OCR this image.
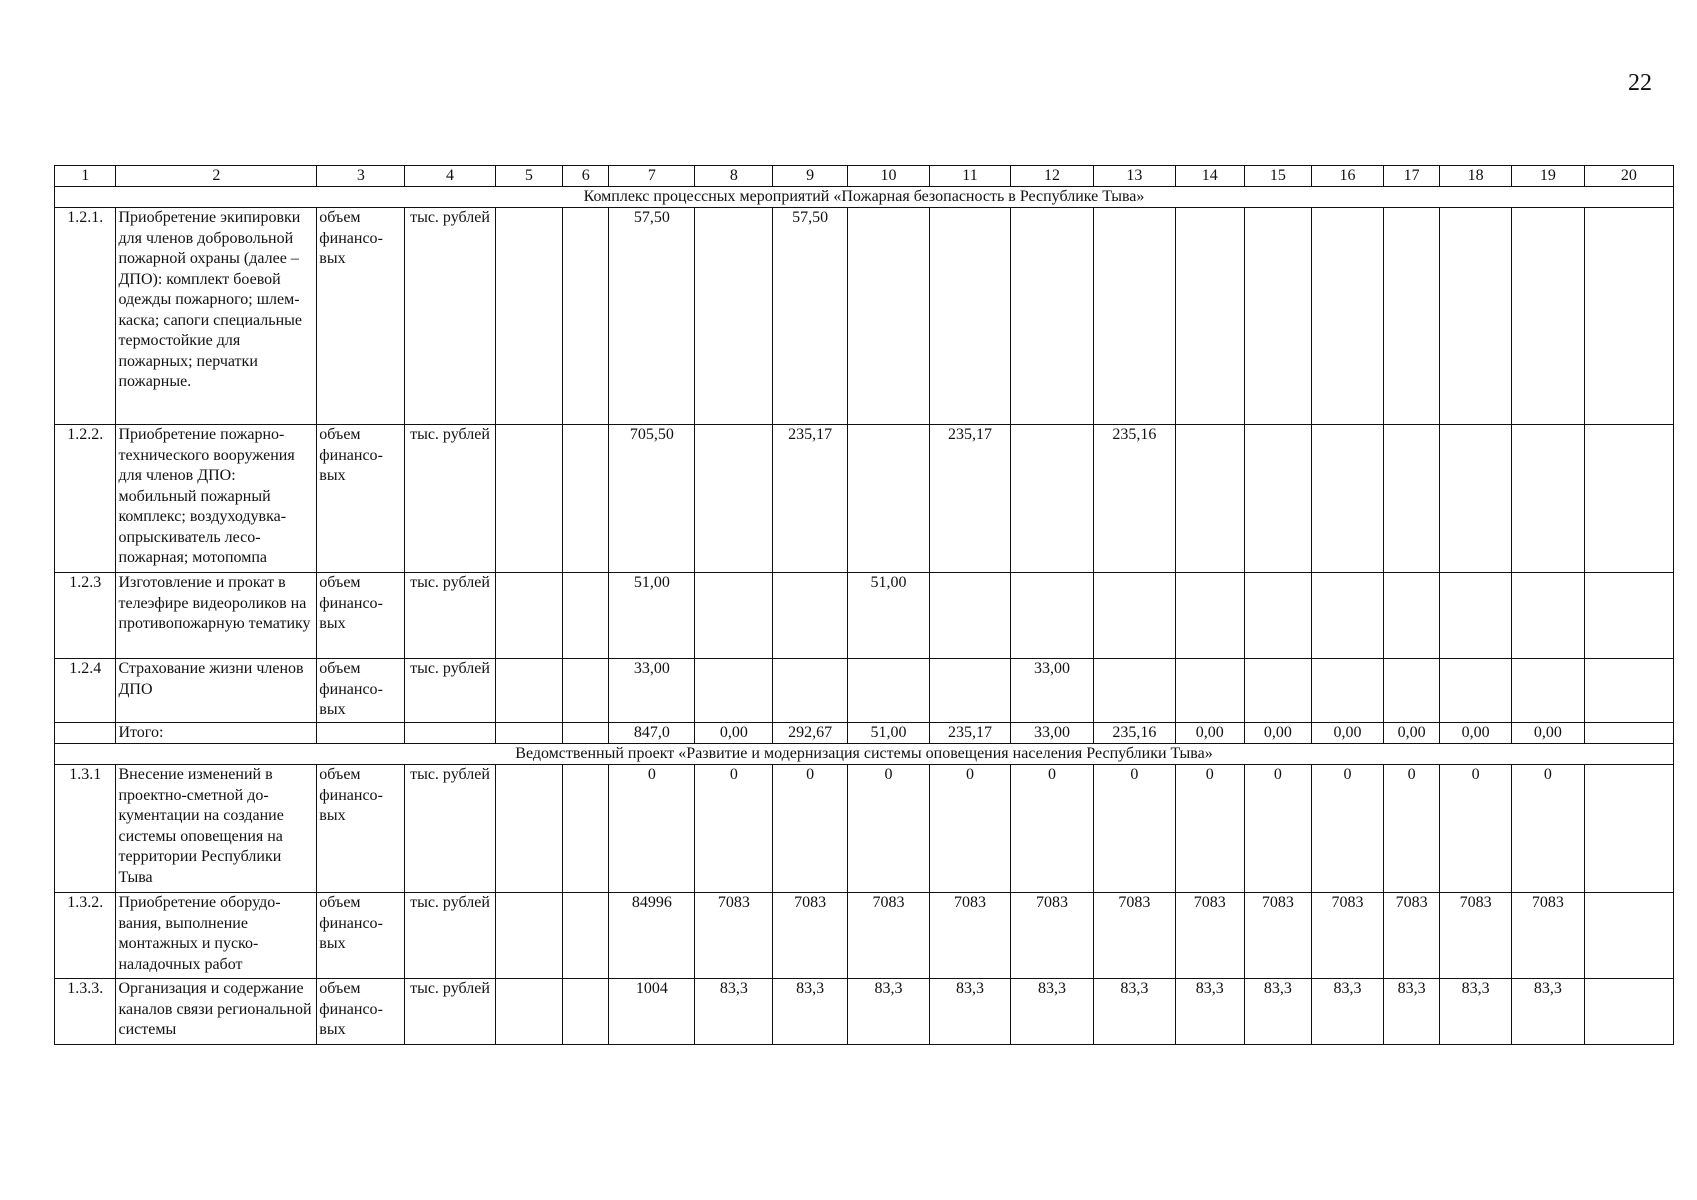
22
1	2	3	4	5	6	7	8	9	10	11	12	13	14	15	16	17	18	19	20
Комплекс процессных мероприятий «Пожарная безопасность в Республике Тыва»																			
1.2.1.	Приобретение экипировки для членов добровольной пожарной охраны (далее – ДПО): комплект боевой одежды пожарного; шлем-каска; сапоги специальные термостойкие для пожарных; перчатки пожарные.	объем финансовых	тыс. рублей			57,50		57,50											
1.2.2.	Приобретение пожарно-технического вооружения для членов ДПО: мобильный пожарный комплекс; воздуходувка-опрыскиватель лесопожарная; мотопомпа	объем финансовых	тыс. рублей			705,50		235,17		235,17		235,16							
1.2.3	Изготовление и прокат в телеэфире видеороликов на противопожарную тематику	объем финансовых	тыс. рублей			51,00			51,00										
1.2.4	Страхование жизни членов ДПО	объем финансовых	тыс. рублей			33,00					33,00								
	Итого:					847,0	0,00	292,67	51,00	235,17	33,00	235,16	0,00	0,00	0,00	0,00	0,00	0,00	
Ведомственный проект «Развитие и модернизация системы оповещения населения Республики Тыва»																			
1.3.1	Внесение изменений в проектно-сметной документации на создание системы оповещения на территории Республики Тыва	объем финансовых	тыс. рублей			0	0	0	0	0	0	0	0	0	0	0	0	0	
1.3.2.	Приобретение оборудования, выполнение монтажных и пусконаладочных работ	объем финансовых	тыс. рублей			84996	7083	7083	7083	7083	7083	7083	7083	7083	7083	7083	7083	7083	
1.3.3.	Организация и содержание каналов связи региональной системы	объем финансовых	тыс. рублей			1004	83,3	83,3	83,3	83,3	83,3	83,3	83,3	83,3	83,3	83,3	83,3	83,3	
